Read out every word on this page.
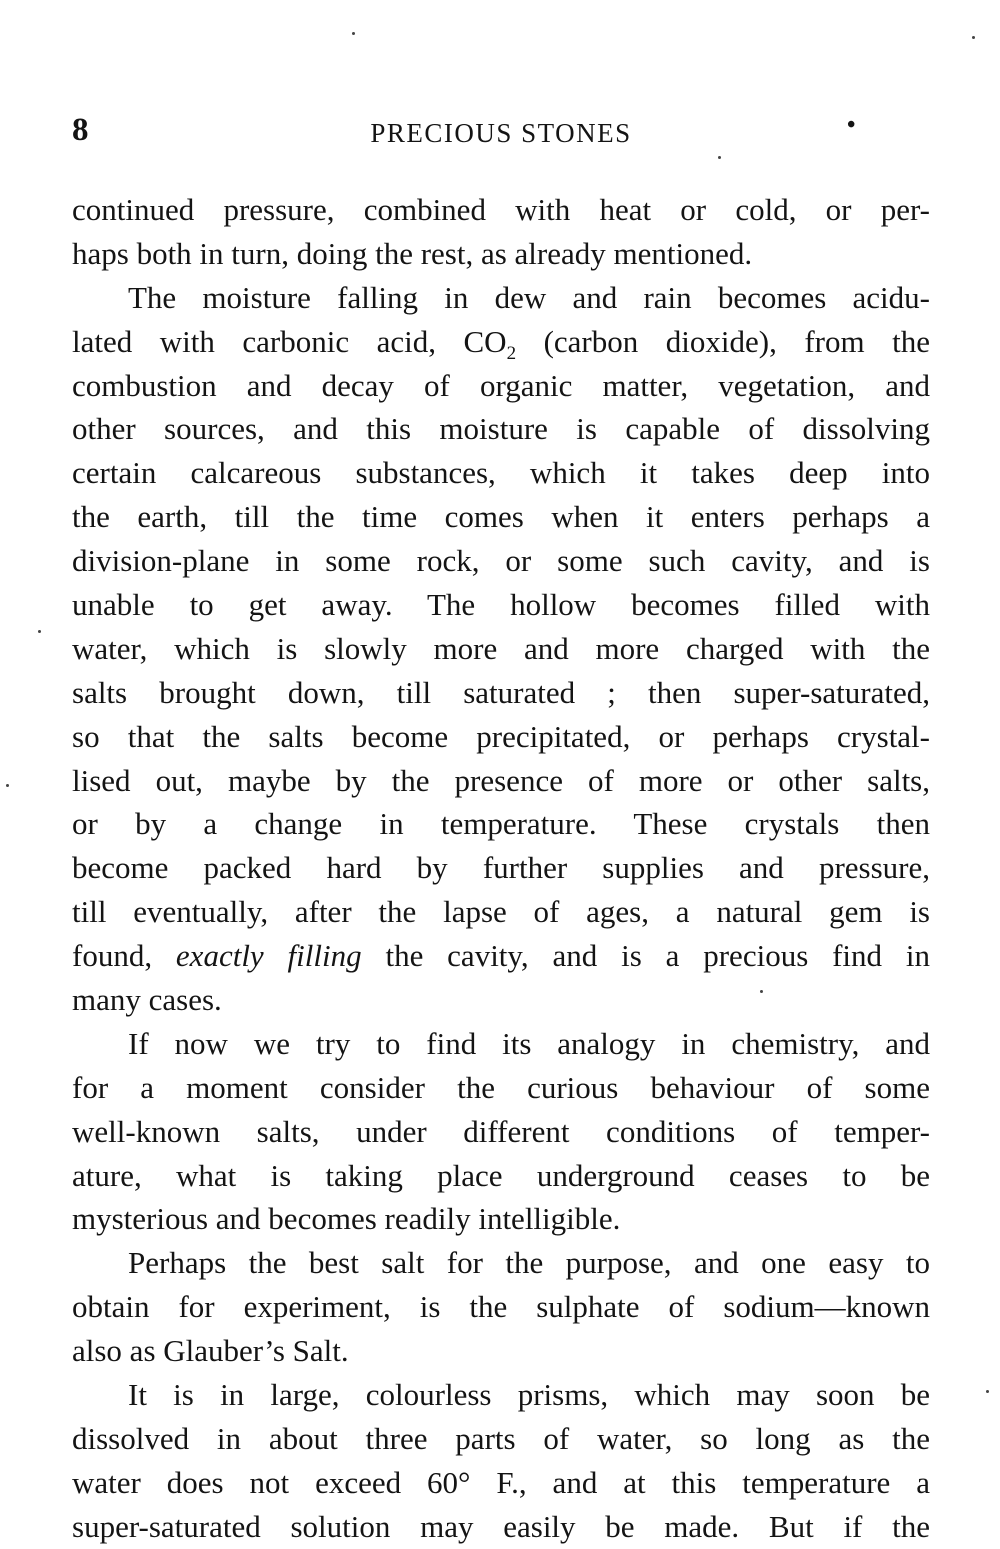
8	PRECIOUS STONES	•
continued pressure, combined with heat or cold, or per-
haps both in turn, doing the rest, as already mentioned.
The moisture falling in dew and rain becomes acidu-
lated with carbonic acid, $CO_2$ (carbon dioxide), from the
combustion and decay of organic matter, vegetation, and
other sources, and this moisture is capable of dissolving
certain calcareous substances, which it takes deep into
the earth, till the time comes when it enters perhaps a
division-plane in some rock, or some such cavity, and is
unable to get away. The hollow becomes filled with
water, which is slowly more and more charged with the
salts brought down, till saturated ; then super-saturated,
so that the salts become precipitated, or perhaps crystal-
lised out, maybe by the presence of more or other salts,
or by a change in temperature. These crystals then
become packed hard by further supplies and pressure,
till eventually, after the lapse of ages, a natural gem is
found, exactly filling the cavity, and is a precious find in
many cases.
If now we try to find its analogy in chemistry, and
for a moment consider the curious behaviour of some
well-known salts, under different conditions of temper-
ature, what is taking place underground ceases to be
mysterious and becomes readily intelligible.
Perhaps the best salt for the purpose, and one easy to
obtain for experiment, is the sulphate of sodium—known
also as Glauber’s Salt.
It is in large, colourless prisms, which may soon be
dissolved in about three parts of water, so long as the
water does not exceed 60° F., and at this temperature a
super-saturated solution may easily be made. But if the
